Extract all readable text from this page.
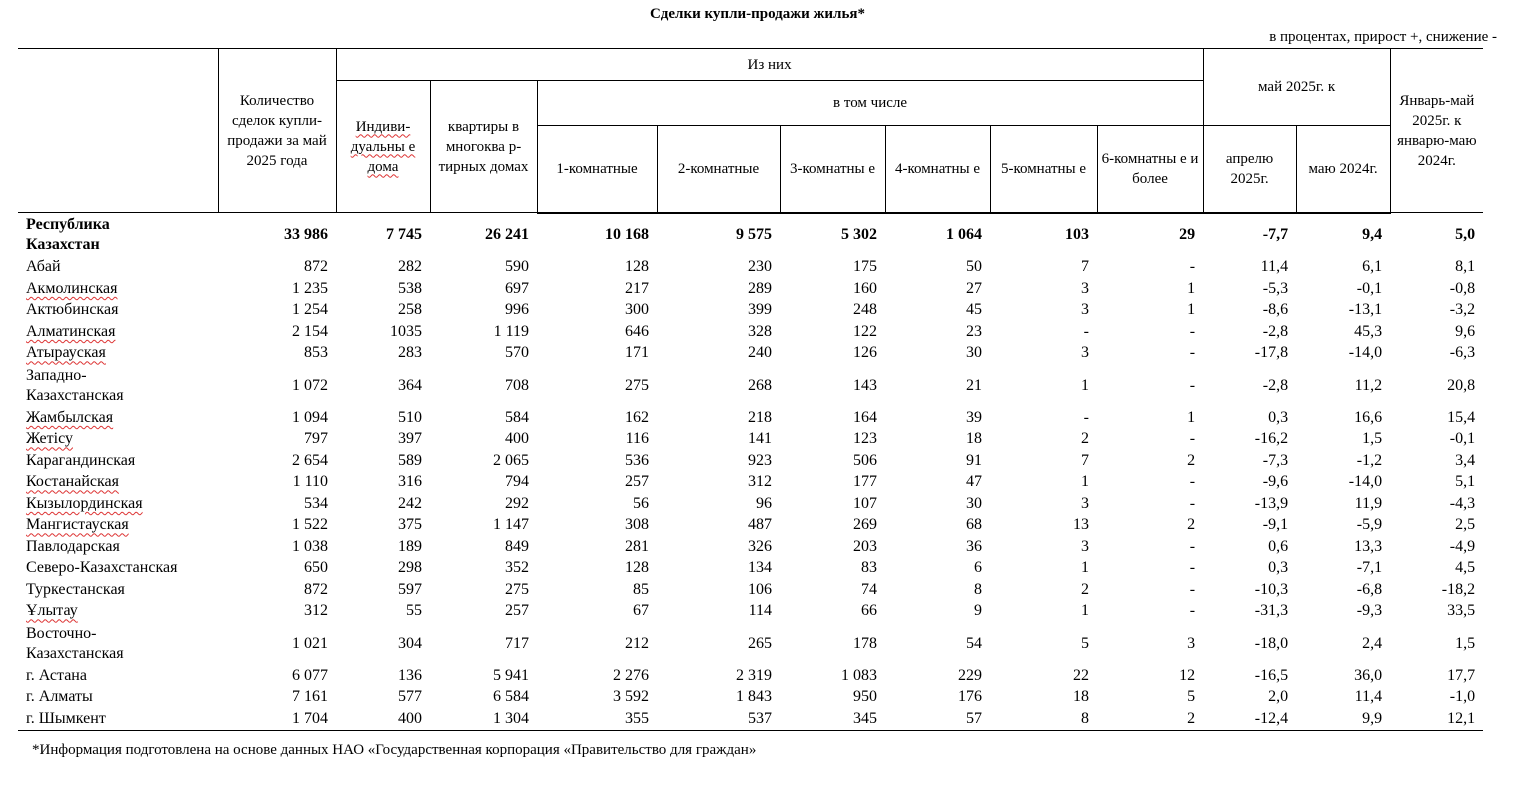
Сделки купли-продажи жилья*
в процентах, прирост +, снижение -
	Количество сделок купли-продажи за май 2025 года	Из них								май 2025г. к		Январь-май 2025г. к январю-маю 2024г.
		Индиви-дуальны е дома	квартиры в многоква р-тирных домах	в том числе								
				1-комнатные	2-комнатные	3-комнатны е	4-комнатны е	5-комнатны е	6-комнатны е и более	апрелю 2025г.	маю 2024г.	
Республика
Казахстан	33 986	7 745	26 241	10 168	9 575	5 302	1 064	103	29	-7,7	9,4	5,0
Абай	872	282	590	128	230	175	50	7	-	11,4	6,1	8,1
Акмолинская	1 235	538	697	217	289	160	27	3	1	-5,3	-0,1	-0,8
Актюбинская	1 254	258	996	300	399	248	45	3	1	-8,6	-13,1	-3,2
Алматинская	2 154	1035	1 119	646	328	122	23	-	-	-2,8	45,3	9,6
Атырауская	853	283	570	171	240	126	30	3	-	-17,8	-14,0	-6,3
Западно-
Казахстанская	1 072	364	708	275	268	143	21	1	-	-2,8	11,2	20,8
Жамбылская	1 094	510	584	162	218	164	39	-	1	0,3	16,6	15,4
Жетісу	797	397	400	116	141	123	18	2	-	-16,2	1,5	-0,1
Карагандинская	2 654	589	2 065	536	923	506	91	7	2	-7,3	-1,2	3,4
Костанайская	1 110	316	794	257	312	177	47	1	-	-9,6	-14,0	5,1
Кызылординская	534	242	292	56	96	107	30	3	-	-13,9	11,9	-4,3
Мангистауская	1 522	375	1 147	308	487	269	68	13	2	-9,1	-5,9	2,5
Павлодарская	1 038	189	849	281	326	203	36	3	-	0,6	13,3	-4,9
Северо-Казахстанская	650	298	352	128	134	83	6	1	-	0,3	-7,1	4,5
Туркестанская	872	597	275	85	106	74	8	2	-	-10,3	-6,8	-18,2
Ұлытау	312	55	257	67	114	66	9	1	-	-31,3	-9,3	33,5
Восточно-
Казахстанская	1 021	304	717	212	265	178	54	5	3	-18,0	2,4	1,5
г. Астана	6 077	136	5 941	2 276	2 319	1 083	229	22	12	-16,5	36,0	17,7
г. Алматы	7 161	577	6 584	3 592	1 843	950	176	18	5	2,0	11,4	-1,0
г. Шымкент	1 704	400	1 304	355	537	345	57	8	2	-12,4	9,9	12,1
*Информация подготовлена на основе данных НАО «Государственная корпорация «Правительство для граждан»
